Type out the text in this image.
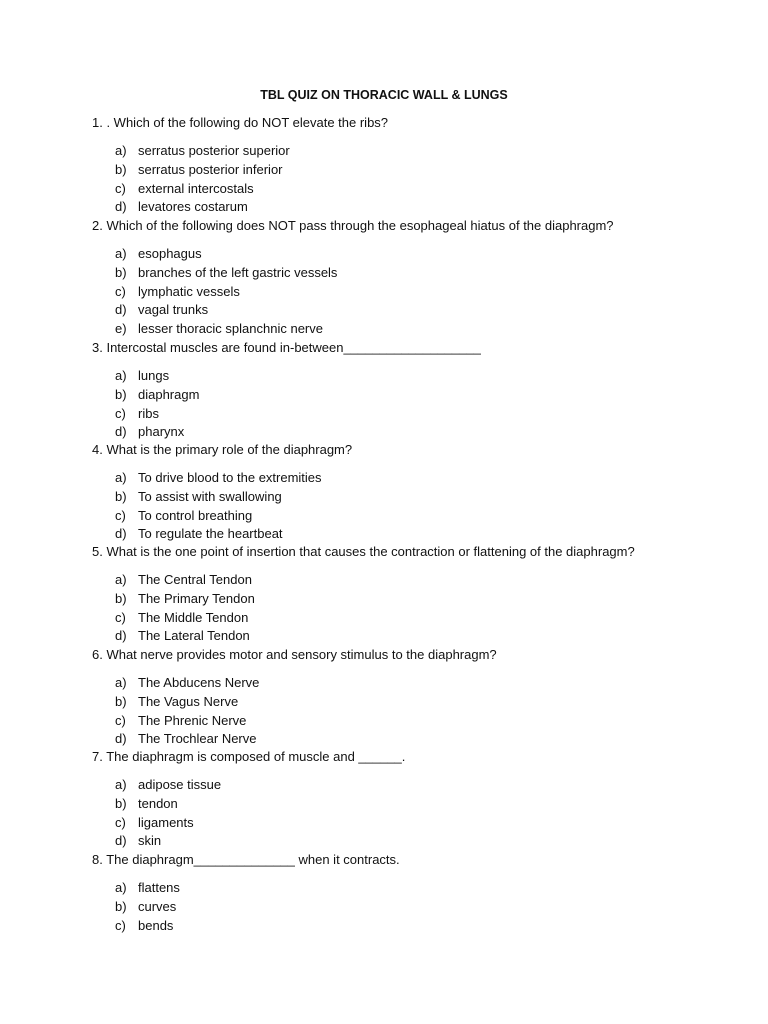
TBL QUIZ ON THORACIC WALL & LUNGS
1. . Which of the following do NOT elevate the ribs?
a) serratus posterior superior
b) serratus posterior inferior
c) external intercostals
d) levatores costarum
2. Which of the following does NOT pass through the esophageal hiatus of the diaphragm?
a) esophagus
b) branches of the left gastric vessels
c) lymphatic vessels
d) vagal trunks
e) lesser thoracic splanchnic nerve
3. Intercostal muscles are found in-between___________________
a) lungs
b) diaphragm
c) ribs
d) pharynx
4. What is the primary role of the diaphragm?
a) To drive blood to the extremities
b) To assist with swallowing
c) To control breathing
d) To regulate the heartbeat
5. What is the one point of insertion that causes the contraction or flattening of the diaphragm?
a) The Central Tendon
b) The Primary Tendon
c) The Middle Tendon
d) The Lateral Tendon
6. What nerve provides motor and sensory stimulus to the diaphragm?
a) The Abducens Nerve
b) The Vagus Nerve
c) The Phrenic Nerve
d) The Trochlear Nerve
7. The diaphragm is composed of muscle and ______.
a) adipose tissue
b) tendon
c) ligaments
d) skin
8. The diaphragm______________ when it contracts.
a) flattens
b) curves
c) bends
